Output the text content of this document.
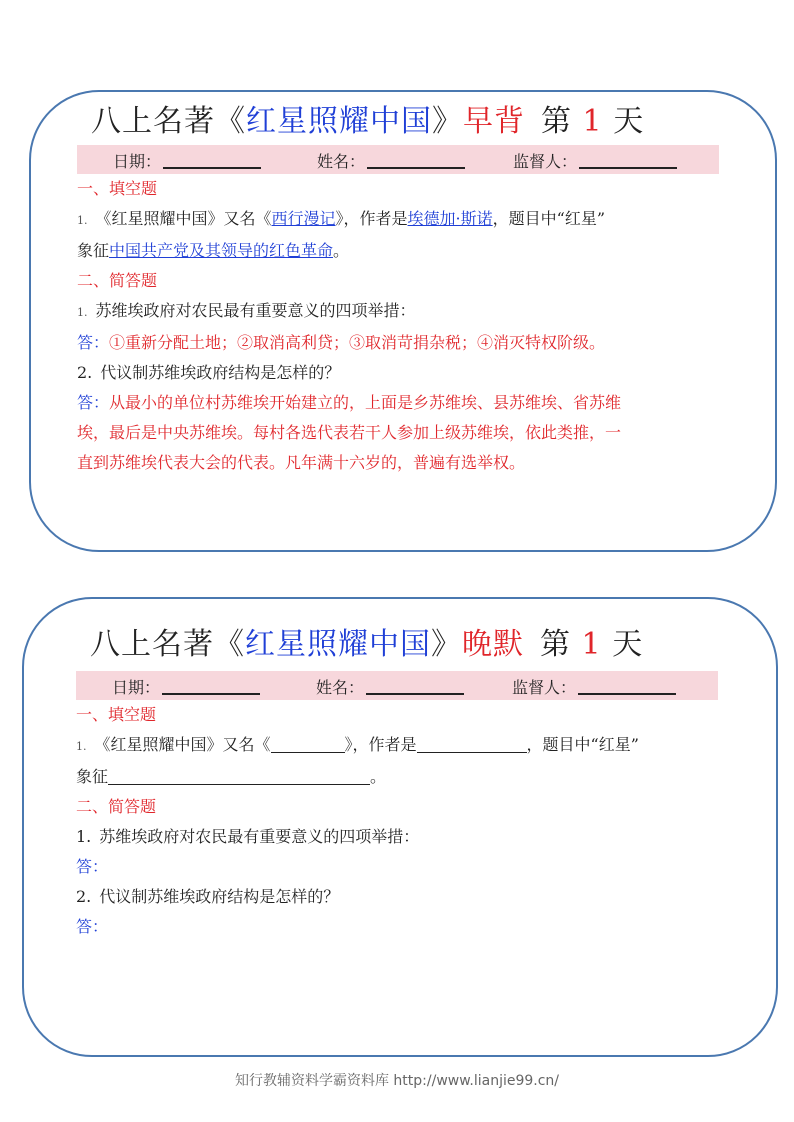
八上名著《红星照耀中国》早背 第 1 天
日期：	姓名：	监督人：
一、填空题
1. 《红星照耀中国》又名《西行漫记》，作者是埃德加·斯诺，题目中“红星”
象征中国共产党及其领导的红色革命。
二、简答题
1. 苏维埃政府对农民最有重要意义的四项举措：
答：①重新分配土地；②取消高利贷；③取消苛捐杂税；④消灭特权阶级。
2. 代议制苏维埃政府结构是怎样的？
答：从最小的单位村苏维埃开始建立的，上面是乡苏维埃、县苏维埃、省苏维
埃，最后是中央苏维埃。每村各选代表若干人参加上级苏维埃，依此类推，一
直到苏维埃代表大会的代表。凡年满十六岁的，普遍有选举权。
八上名著《红星照耀中国》晚默 第 1 天
日期：	姓名：	监督人：
一、填空题
1. 《红星照耀中国》又名《	》，作者是	，题目中“红星”
象征	。
二、简答题
1. 苏维埃政府对农民最有重要意义的四项举措：
答：
2. 代议制苏维埃政府结构是怎样的？
答：
知行教辅资料学霸资料库 http://www.lianjie99.cn/
